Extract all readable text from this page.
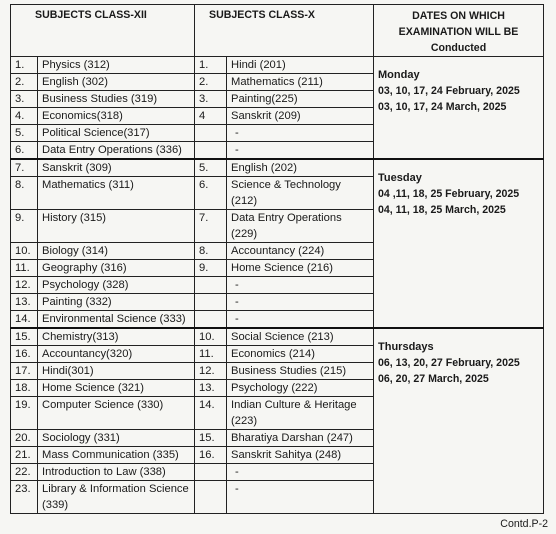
SUBJECTS CLASS-XII		SUBJECTS CLASS-X		DATES ON WHICH EXAMINATION WILL BE Conducted
1.	Physics (312)	1.	Hindi (201)	Monday
03, 10, 17, 24 February, 2025
03, 10, 17, 24 March, 2025

2.	English (302)	2.	Mathematics (211)	
3.	Business Studies (319)	3.	Painting(225)	
4.	Economics(318)	4	Sanskrit (209)	
5.	Political Science(317)		-	
6.	Data Entry Operations (336)		-	
7.	Sanskrit (309)	5.	English (202)	Tuesday
04 ,11, 18, 25 February, 2025
04, 11, 18, 25 March, 2025

8.	Mathematics (311)	6.	Science & Technology (212)	
9.	History (315)	7.	Data Entry Operations (229)	
10.	Biology (314)	8.	Accountancy (224)	
11.	Geography (316)	9.	Home Science (216)	
12.	Psychology (328)		-	
13.	Painting (332)		-	
14.	Environmental Science (333)		-	
15.	Chemistry(313)	10.	Social Science (213)	Thursdays
06, 13, 20, 27 February, 2025
06, 20, 27 March, 2025

16.	Accountancy(320)	11.	Economics (214)	
17.	Hindi(301)	12.	Business Studies (215)	
18.	Home Science (321)	13.	Psychology (222)	
19.	Computer Science (330)	14.	Indian Culture & Heritage (223)	
20.	Sociology (331)	15.	Bharatiya Darshan (247)	
21.	Mass Communication (335)	16.	Sanskrit Sahitya (248)	
22.	Introduction to Law (338)		-	
23.	Library & Information Science (339)		-	
Contd.P-2
